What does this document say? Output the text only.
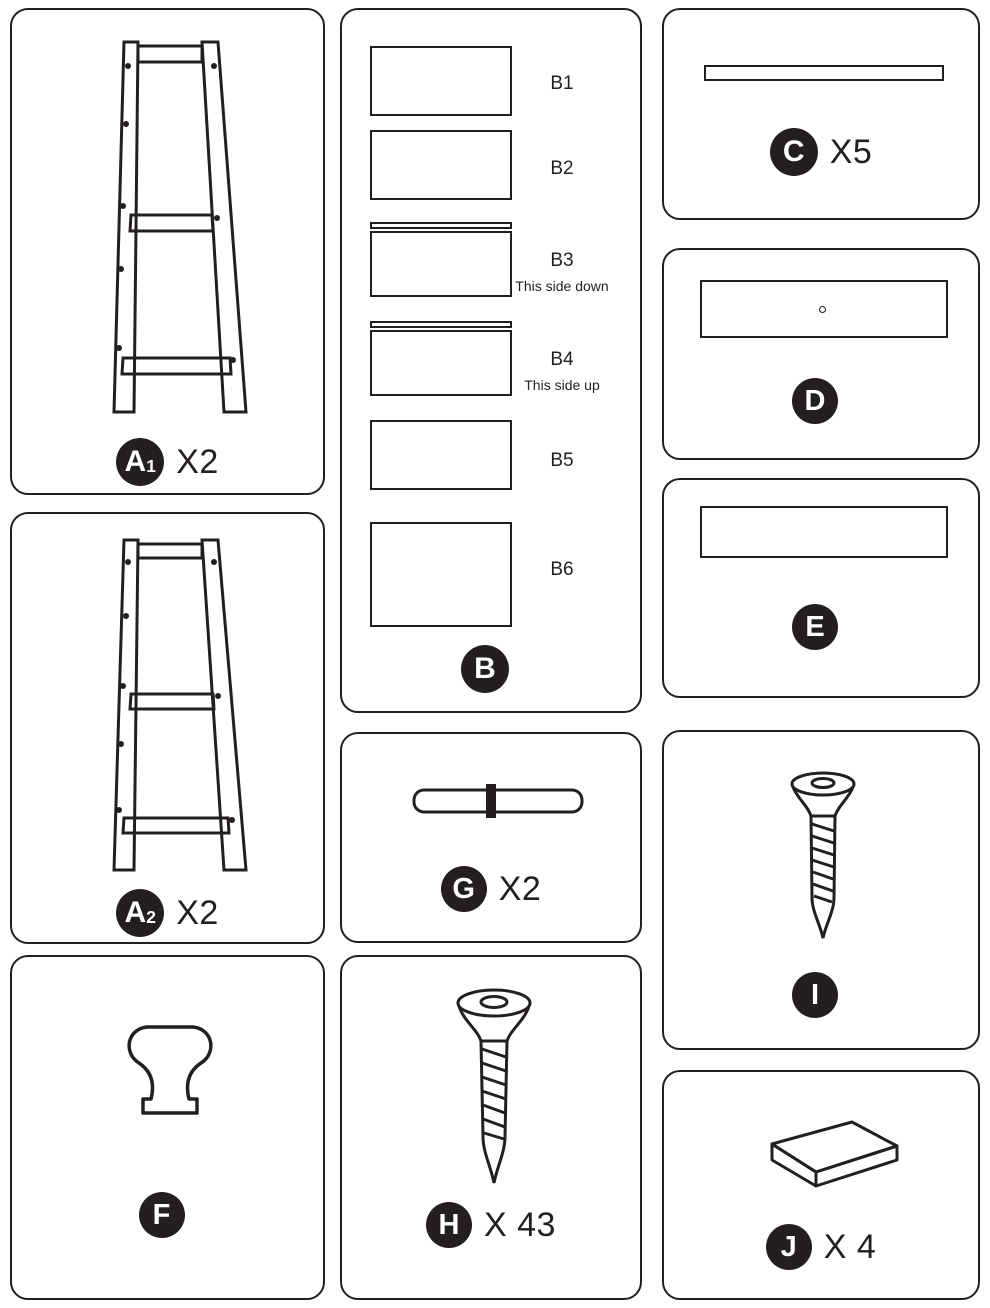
A 1 X2
A 2 X2
F
B1
B2
B3
This side down
B4
This side up
B5
B6
B
G X2
H X 43
C X5
D
E
I
J X 4
